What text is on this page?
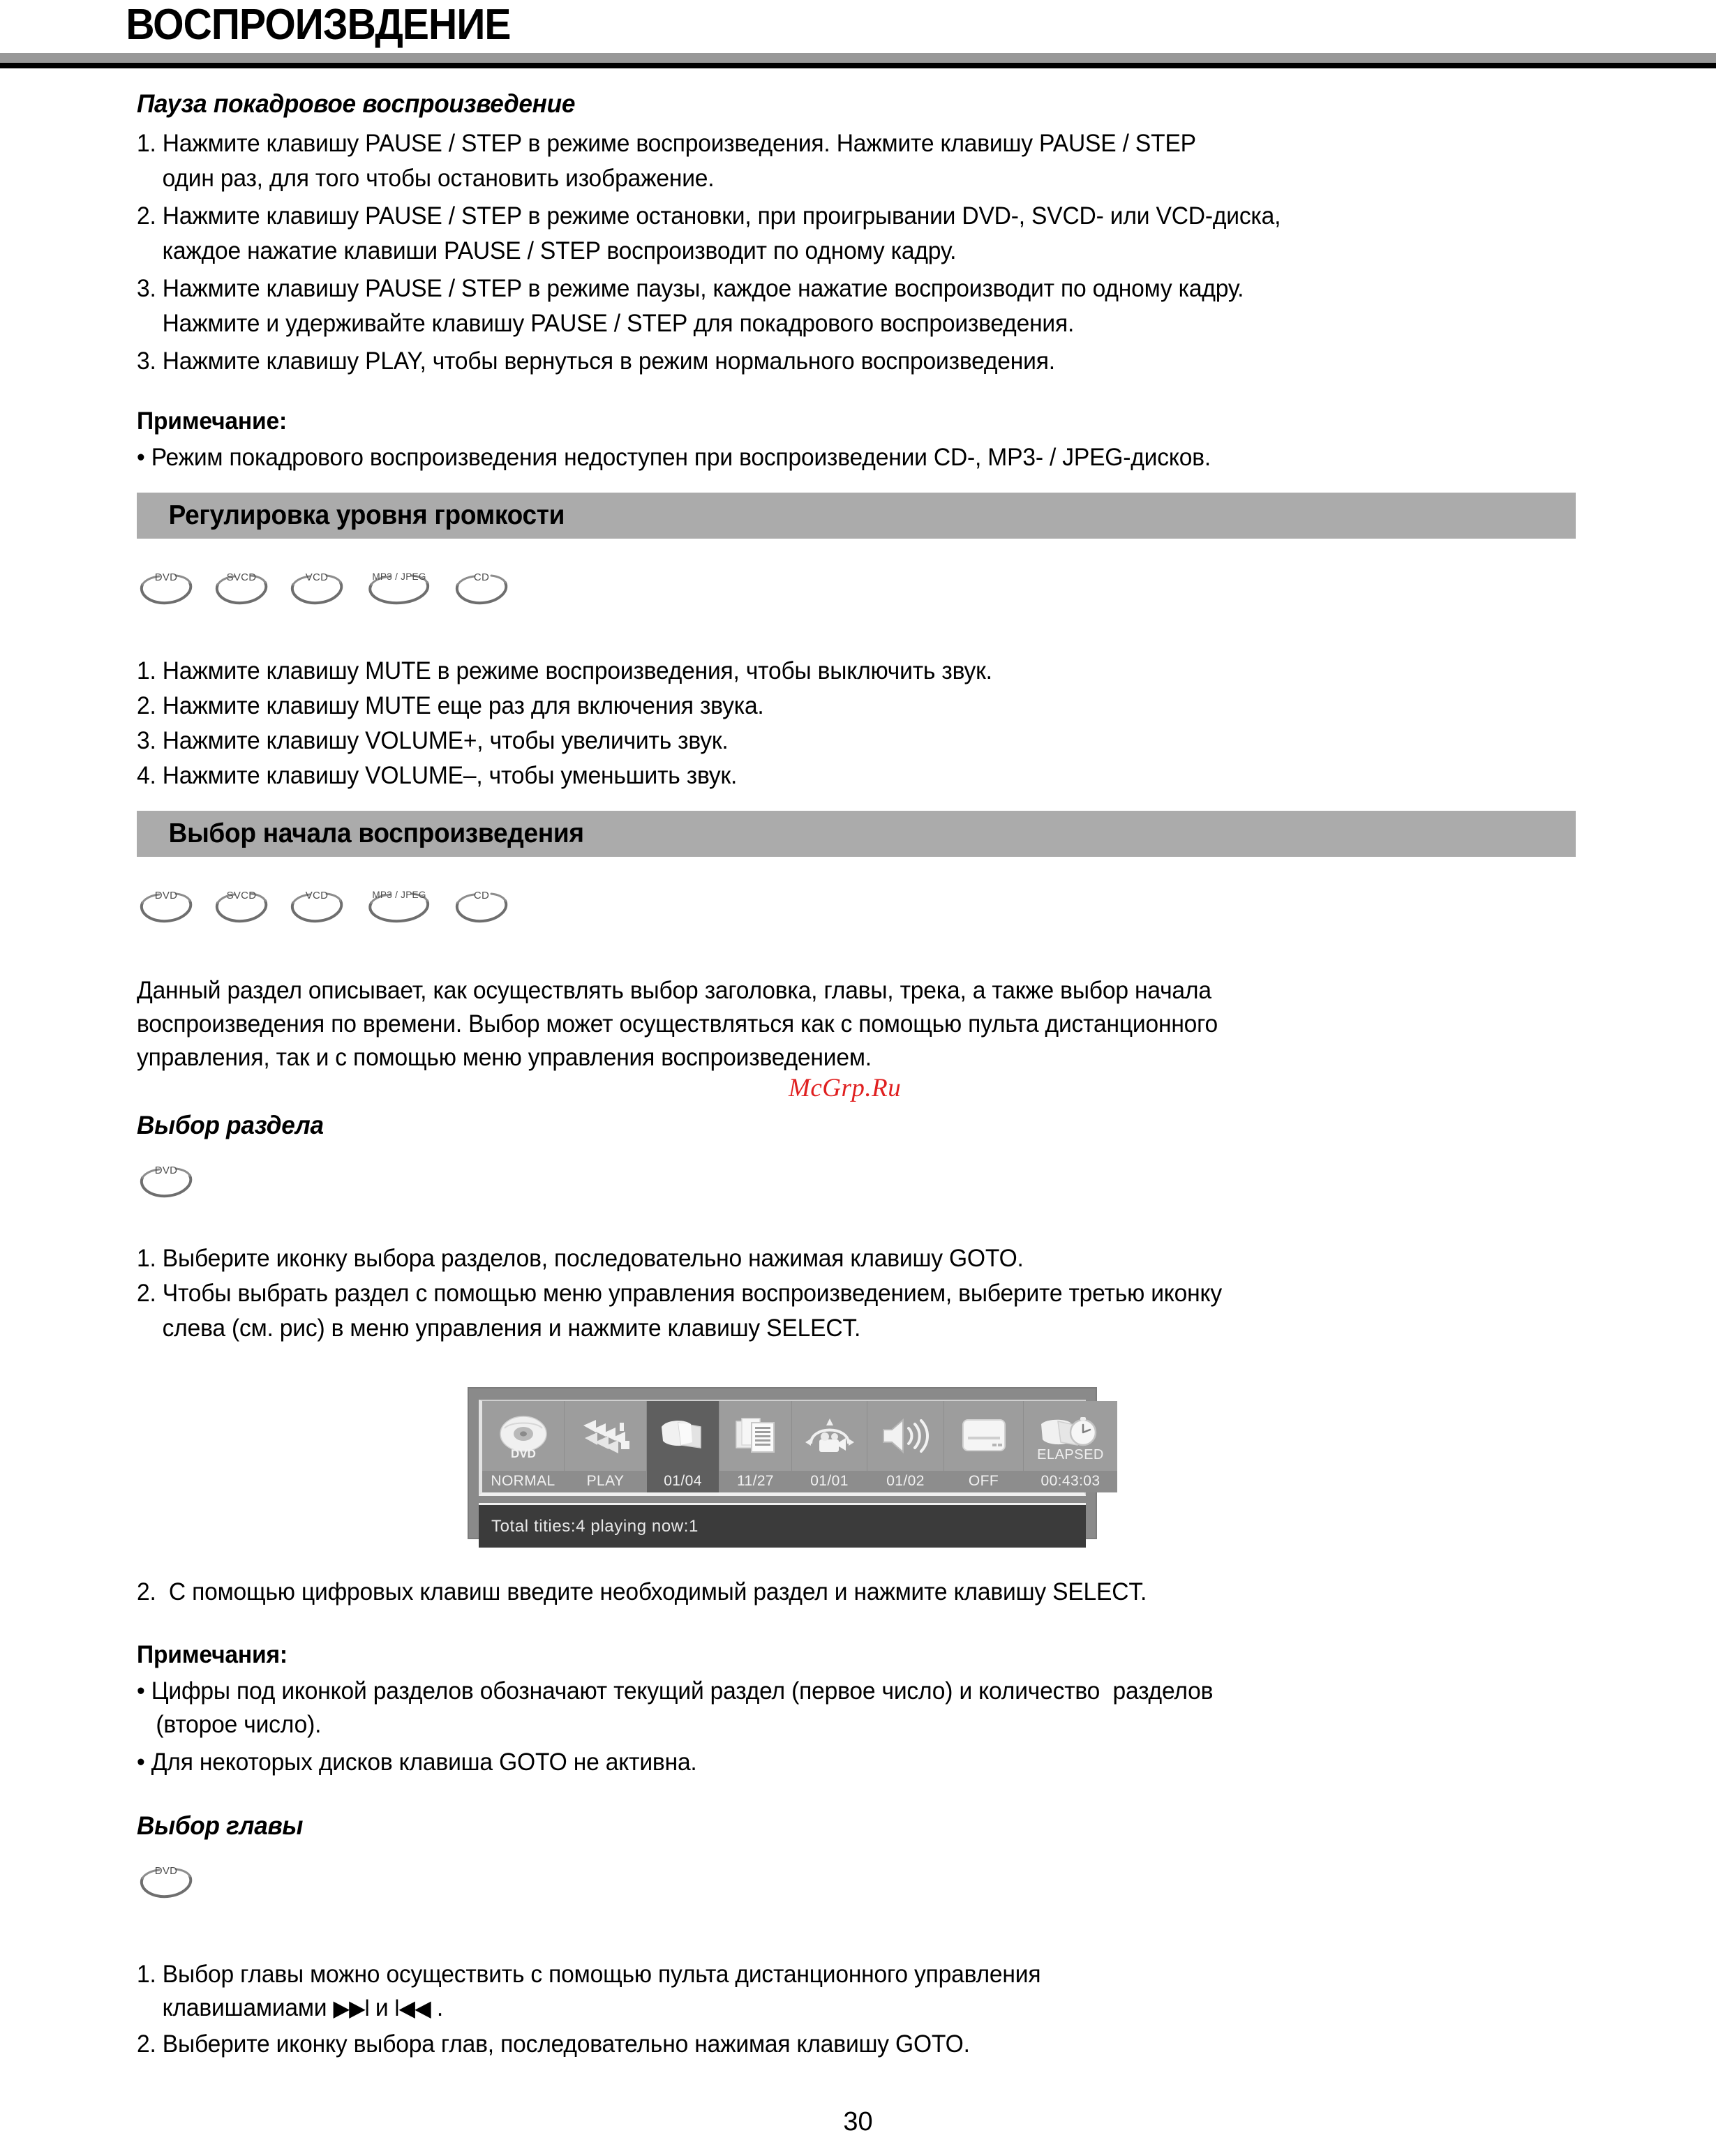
ВОСПРОИЗВДЕНИЕ
Пауза покадровое воспроизведение
1. Нажмите клавишу PAUSE / STEP в режиме воспроизведения. Нажмите клавишу PAUSE / STEP
один раз, для того чтобы остановить изображение.
2. Нажмите клавишу PAUSE / STEP в режиме остановки, при проигрывании DVD-, SVCD- или VCD-диска,
каждое нажатие клавиши PAUSE / STEP воспроизводит по одному кадру.
3. Нажмите клавишу PAUSE / STEP в режиме паузы, каждое нажатие воспроизводит по одному кадру.
Нажмите и удерживайте клавишу PAUSE / STEP для покадрового воспроизведения.
3. Нажмите клавишу PLAY, чтобы вернуться в режим нормального воспроизведения.
Примечание:
• Режим покадрового воспроизведения недоступен при воспроизведении CD-, MP3- / JPEG-дисков.
Регулировка уровня громкости
DVD	SVCD	VCD	MP3 / JPEG	CD
1. Нажмите клавишу MUTE в режиме воспроизведения, чтобы выключить звук.
2. Нажмите клавишу MUTE еще раз для включения звука.
3. Нажмите клавишу VOLUME+, чтобы увеличить звук.
4. Нажмите клавишу VOLUME–, чтобы уменьшить звук.
Выбор начала воспроизведения
DVD	SVCD	VCD	MP3 / JPEG	CD
Данный раздел описывает, как осуществлять выбор заголовка, главы, трека, а также выбор начала
воспроизведения по времени. Выбор может осуществляться как с помощью пульта дистанционного
управления, так и с помощью меню управления воспроизведением.
McGrp.Ru
Выбор раздела
DVD
1. Выберите иконку выбора разделов, последовательно нажимая клавишу GOTO.
2. Чтобы выбрать раздел с помощью меню управления воспроизведением, выберите третью иконку
слева (см. рис) в меню управления и нажмите клавишу SELECT.
DVD
NORMAL	PLAY	01/04	11/27	01/01	01/02	OFF
ELAPSED
00:43:03
Total tities:4 playing now:1
2.  С помощью цифровых клавиш введите необходимый раздел и нажмите клавишу SELECT.
Примечания:
• Цифры под иконкой разделов обозначают текущий раздел (первое число) и количество  разделов
(второе число).
• Для некоторых дисков клавиша GOTO не активна.
Выбор главы
DVD
1. Выбор главы можно осуществить с помощью пульта дистанционного управления
клавишамиами ▶▶Ɩ и Ɩ◀◀ .
2. Выберите иконку выбора глав, последовательно нажимая клавишу GOTO.
30
